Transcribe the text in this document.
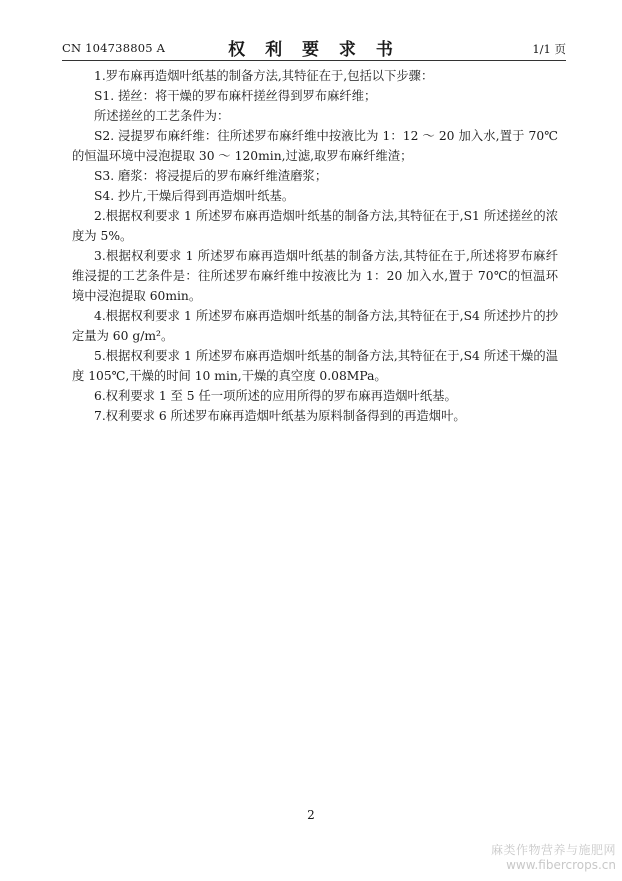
CN 104738805 A	权 利 要 求 书	1/1 页

1.罗布麻再造烟叶纸基的制备方法,其特征在于,包括以下步骤：

S1. 搓丝：将干燥的罗布麻杆搓丝得到罗布麻纤维；

所述搓丝的工艺条件为：

S2. 浸提罗布麻纤维：往所述罗布麻纤维中按液比为 1：12 ～ 20 加入水,置于 70℃的恒温环境中浸泡提取 30 ～ 120min,过滤,取罗布麻纤维渣；

S3. 磨浆：将浸提后的罗布麻纤维渣磨浆；

S4. 抄片,干燥后得到再造烟叶纸基。

2.根据权利要求 1 所述罗布麻再造烟叶纸基的制备方法,其特征在于,S1 所述搓丝的浓度为 5%。

3.根据权利要求 1 所述罗布麻再造烟叶纸基的制备方法,其特征在于,所述将罗布麻纤维浸提的工艺条件是：往所述罗布麻纤维中按液比为 1：20 加入水,置于 70℃的恒温环境中浸泡提取 60min。

4.根据权利要求 1 所述罗布麻再造烟叶纸基的制备方法,其特征在于,S4 所述抄片的抄定量为 60 g/m²。

5.根据权利要求 1 所述罗布麻再造烟叶纸基的制备方法,其特征在于,S4 所述干燥的温度 105℃,干燥的时间 10 min,干燥的真空度 0.08MPa。

6.权利要求 1 至 5 任一项所述的应用所得的罗布麻再造烟叶纸基。

7.权利要求 6 所述罗布麻再造烟叶纸基为原料制备得到的再造烟叶。

2
麻类作物营养与施肥网
www.fibercrops.cn
